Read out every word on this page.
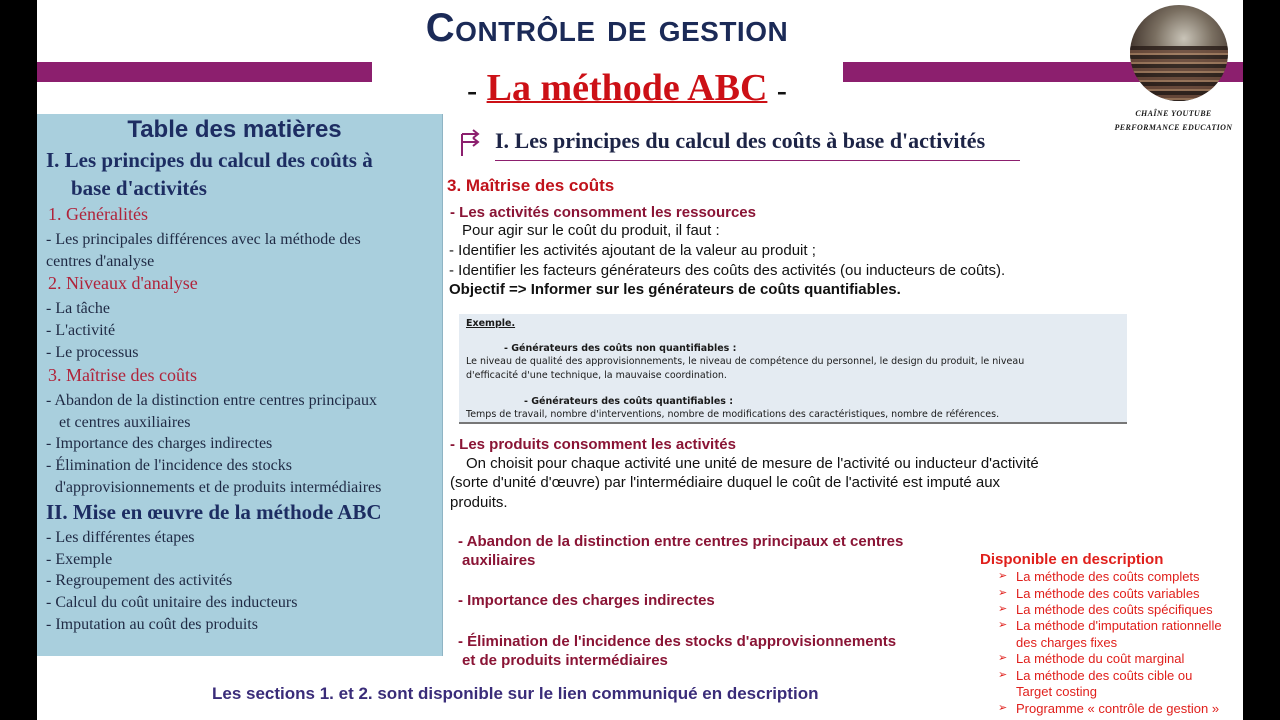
Contrôle de gestion
- La méthode ABC -
CHAÎNE YOUTUBE
PERFORMANCE EDUCATION
Table des matières
I. Les principes du calcul des coûts à
base d'activités
1. Généralités
- Les principales différences avec la méthode des
centres d'analyse
2. Niveaux d'analyse
- La tâche
- L'activité
- Le processus
3. Maîtrise des coûts
- Abandon de la distinction entre centres principaux
et centres auxiliaires
- Importance des charges indirectes
- Élimination de l'incidence des stocks
d'approvisionnements et de produits intermédiaires
II. Mise en œuvre de la méthode ABC
- Les différentes étapes
- Exemple
- Regroupement des activités
- Calcul du coût unitaire des inducteurs
- Imputation au coût des produits
I. Les principes du calcul des coûts à base d'activités
3. Maîtrise des coûts
- Les activités consomment les ressources
Pour agir sur le coût du produit, il faut :
- Identifier les activités ajoutant de la valeur au produit ;
- Identifier les facteurs générateurs des coûts des activités (ou inducteurs de coûts).
Objectif => Informer sur les générateurs de coûts quantifiables.
Exemple.
- Générateurs des coûts non quantifiables :
Le niveau de qualité des approvisionnements, le niveau de compétence du personnel, le design du produit, le niveau
d'efficacité d'une technique, la mauvaise coordination.
- Générateurs des coûts quantifiables :
Temps de travail, nombre d'interventions, nombre de modifications des caractéristiques, nombre de références.
- Les produits consomment les activités
On choisit pour chaque activité une unité de mesure de l'activité ou inducteur d'activité
(sorte d'unité d'œuvre) par l'intermédiaire duquel le coût de l'activité est imputé aux
produits.
- Abandon de la distinction entre centres principaux et centres
auxiliaires
- Importance des charges indirectes
- Élimination de l'incidence des stocks d'approvisionnements
et de produits intermédiaires
Disponible en description
➢ La méthode des coûts complets
➢ La méthode des coûts variables
➢ La méthode des coûts spécifiques
➢ La méthode d'imputation rationnelle
des charges fixes
➢ La méthode du coût marginal
➢ La méthode des coûts cible ou
Target costing
➢ Programme « contrôle de gestion »
Les sections 1. et 2. sont disponible sur le lien communiqué en description
